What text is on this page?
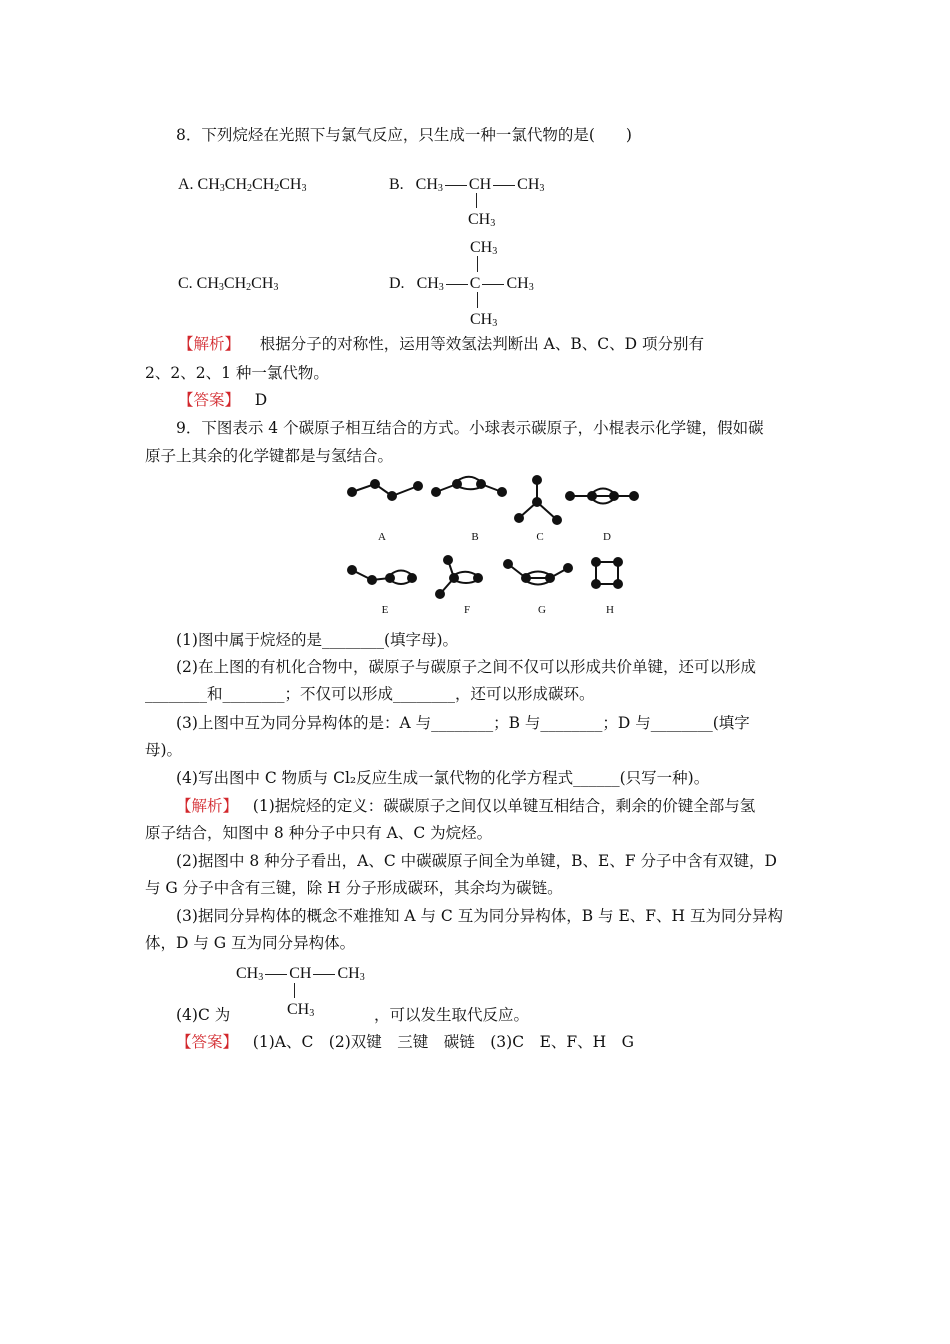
8．下列烷烃在光照下与氯气反应，只生成一种一氯代物的是(　　)
A. $CH_3CH_2CH_2CH_3$	B.   $CH_3$ CH $CH_3$
$CH_3$
C. $CH_3CH_2CH_3$
$CH_3$
D.   $CH_3$ C $CH_3$
$CH_3$
【解析】 根据分子的对称性，运用等效氢法判断出 A、B、C、D 项分别有
2、2、2、1 种一氯代物。
【答案】 D
9．下图表示 4 个碳原子相互结合的方式。小球表示碳原子，小棍表示化学键，假如碳
原子上其余的化学键都是与氢结合。
A	B	C	D
E	F	G	H
(1)图中属于烷烃的是________(填字母)。
(2)在上图的有机化合物中，碳原子与碳原子之间不仅可以形成共价单键，还可以形成
________和________；不仅可以形成________，还可以形成碳环。
(3)上图中互为同分异构体的是：A 与________；B 与________；D 与________(填字
母)。
(4)写出图中 C 物质与 Cl₂反应生成一氯代物的化学方程式______(只写一种)。
【解析】 (1)据烷烃的定义：碳碳原子之间仅以单键互相结合，剩余的价键全部与氢
原子结合，知图中 8 种分子中只有 A、C 为烷烃。
(2)据图中 8 种分子看出，A、C 中碳碳原子间全为单键，B、E、F 分子中含有双键，D
与 G 分子中含有三键，除 H 分子形成碳环，其余均为碳链。
(3)据同分异构体的概念不难推知 A 与 C 互为同分异构体，B 与 E、F、H 互为同分异构
体，D 与 G 互为同分异构体。
$CH_3$ CH $CH_3$
$CH_3$
(4)C 为	，可以发生取代反应。
【答案】 (1)A、C　(2)双键　三键　碳链　(3)C　E、F、H　G
